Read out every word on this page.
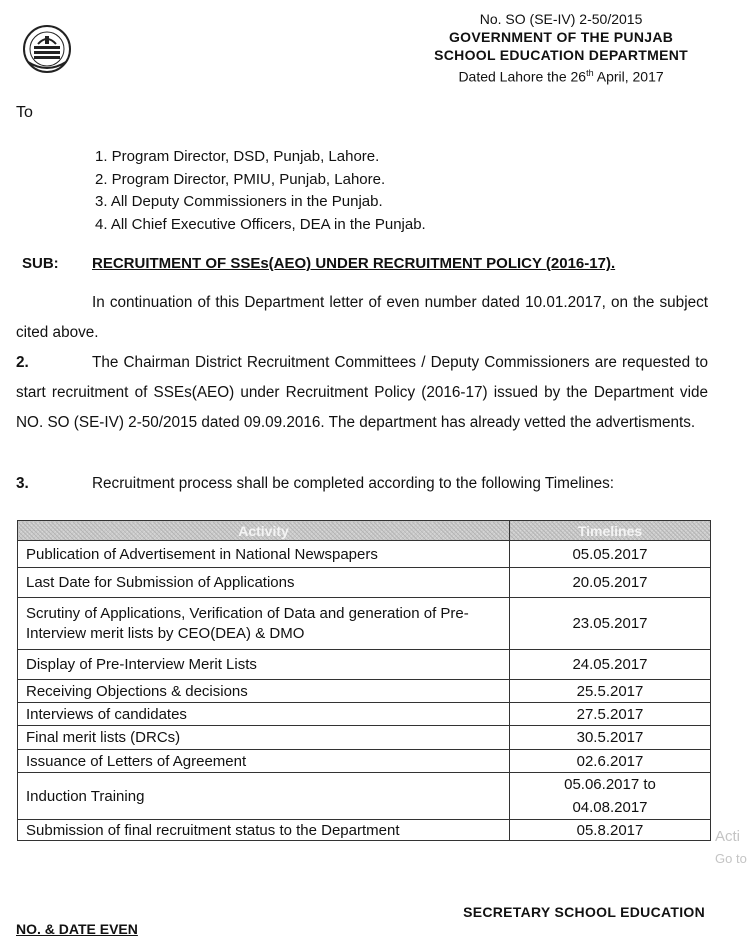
No. SO (SE-IV) 2-50/2015
GOVERNMENT OF THE PUNJAB
SCHOOL EDUCATION DEPARTMENT
Dated Lahore the 26th April, 2017
To
1. Program Director, DSD, Punjab, Lahore.
2. Program Director, PMIU, Punjab, Lahore.
3. All Deputy Commissioners in the Punjab.
4. All Chief Executive Officers, DEA in the Punjab.
SUB: RECRUITMENT OF SSEs(AEO) UNDER RECRUITMENT POLICY (2016-17).
In continuation of this Department letter of even number dated 10.01.2017, on the subject cited above.
2.	The Chairman District Recruitment Committees / Deputy Commissioners are requested to start recruitment of SSEs(AEO) under Recruitment Policy (2016-17) issued by the Department vide NO. SO (SE-IV) 2-50/2015 dated 09.09.2016. The department has already vetted the advertisments.
3.	Recruitment process shall be completed according to the following Timelines:
Activity	Timelines
Publication of Advertisement in National Newspapers	05.05.2017
Last Date for Submission of Applications	20.05.2017
Scrutiny of Applications, Verification of Data and generation of Pre-Interview merit lists by CEO(DEA) & DMO	23.05.2017
Display of Pre-Interview Merit Lists	24.05.2017
Receiving Objections & decisions	25.5.2017
Interviews of candidates	27.5.2017
Final merit lists (DRCs)	30.5.2017
Issuance of Letters of Agreement	02.6.2017
Induction Training	05.06.2017 to 04.08.2017
Submission of final recruitment status to the Department	05.8.2017	Acti
Go to
SECRETARY SCHOOL EDUCATION
NO. & DATE EVEN
